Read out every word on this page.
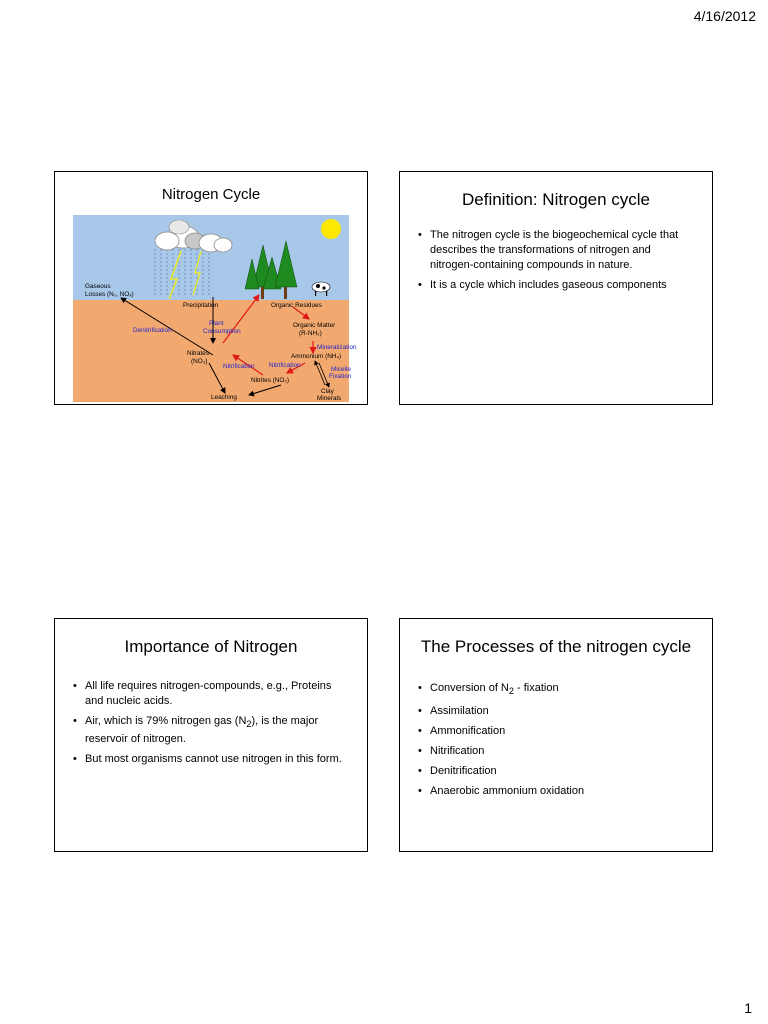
4/16/2012
Nitrogen Cycle
Gaseous
Losses (N₂, NOₓ)
Precipitation	Organic Residues
Organic Matter
(R-NH₂)
Mineralization
Denitrification
Plant
Consumption
Nitrates
(NO₃)
Ammonium (NH₄)
Nitrification Nitrification
Micelle
Fixation
Nitrites (NO₂)
Clay
Minerals
Leaching
Definition: Nitrogen cycle
• The nitrogen cycle is the biogeochemical cycle that describes the transformations of nitrogen and nitrogen-containing compounds in nature.
• It is a cycle which includes gaseous components
Importance of Nitrogen
• All life requires nitrogen-compounds, e.g., Proteins and nucleic acids.
• Air, which is 79% nitrogen gas $(N_2)$, is the major reservoir of nitrogen.
• But most organisms cannot use nitrogen in this form.
The Processes of the nitrogen cycle
• Conversion of $N_2$ - fixation
• Assimilation
• Ammonification
• Nitrification
• Denitrification
• Anaerobic ammonium oxidation
1
